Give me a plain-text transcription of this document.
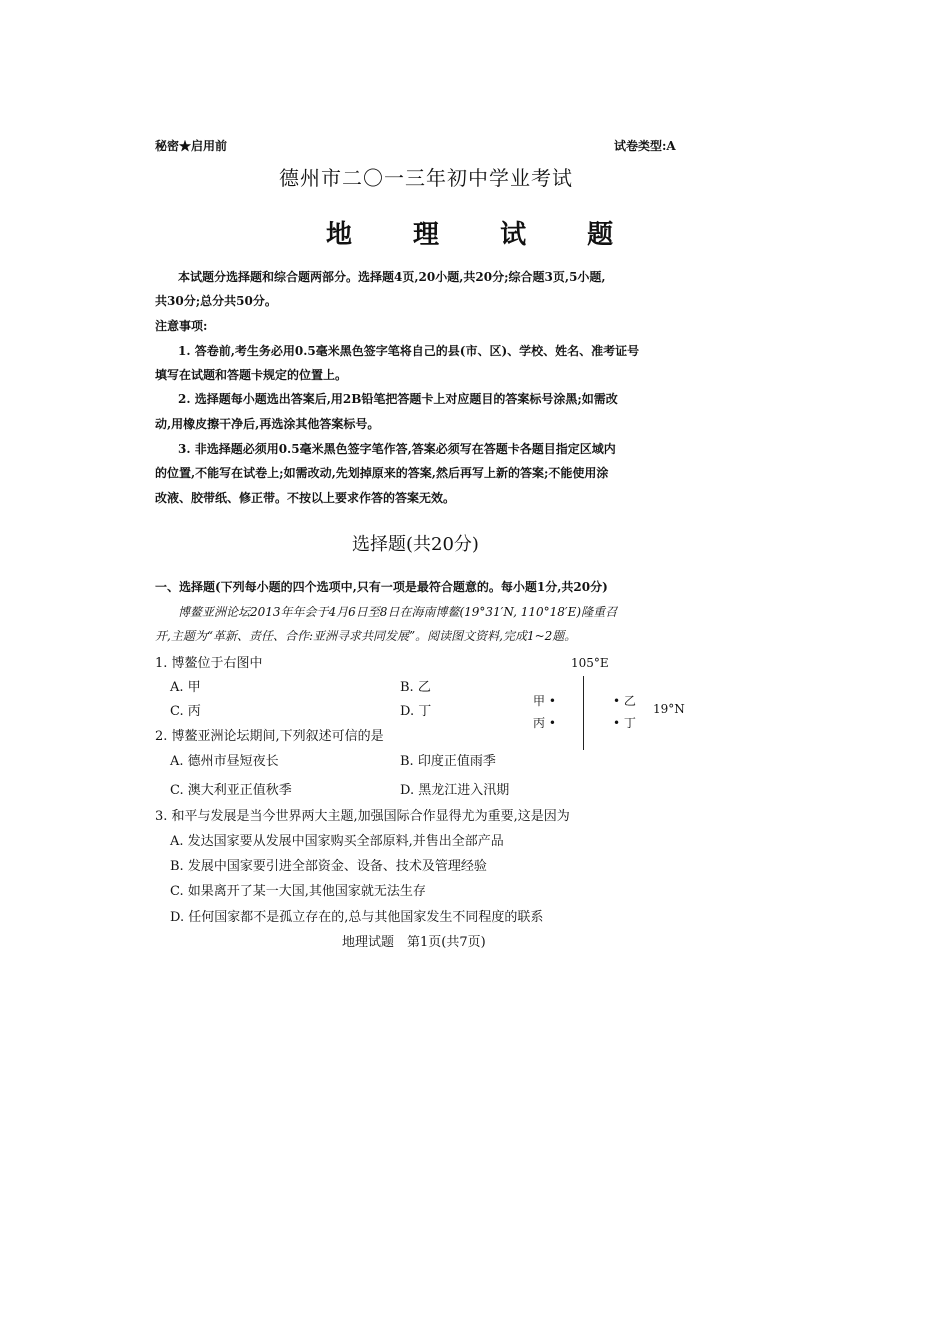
秘密★启用前	试卷类型:A
德州市二〇一三年初中学业考试
地 理 试 题
本试题分选择题和综合题两部分。选择题4页,20小题,共20分;综合题3页,5小题,
共30分;总分共50分。
注意事项:
1. 答卷前,考生务必用0.5毫米黑色签字笔将自己的县(市、区)、学校、姓名、准考证号
填写在试题和答题卡规定的位置上。
2. 选择题每小题选出答案后,用2B铅笔把答题卡上对应题目的答案标号涂黑;如需改
动,用橡皮擦干净后,再选涂其他答案标号。
3. 非选择题必须用0.5毫米黑色签字笔作答,答案必须写在答题卡各题目指定区域内
的位置,不能写在试卷上;如需改动,先划掉原来的答案,然后再写上新的答案;不能使用涂
改液、胶带纸、修正带。不按以上要求作答的答案无效。
选择题(共20分)
一、选择题(下列每小题的四个选项中,只有一项是最符合题意的。每小题1分,共20分)
博鳌亚洲论坛2013年年会于4月6日至8日在海南博鳌(19°31′N, 110°18′E)隆重召
开,主题为“革新、责任、合作:亚洲寻求共同发展”。阅读图文资料,完成1~2题。
1. 博鳌位于右图中
A. 甲	B. 乙
C. 丙	D. 丁
105°E
甲 •
丙 •
• 乙
• 丁
19°N
2. 博鳌亚洲论坛期间,下列叙述可信的是
A. 德州市昼短夜长	B. 印度正值雨季
C. 澳大利亚正值秋季	D. 黑龙江进入汛期
3. 和平与发展是当今世界两大主题,加强国际合作显得尤为重要,这是因为
A. 发达国家要从发展中国家购买全部原料,并售出全部产品
B. 发展中国家要引进全部资金、设备、技术及管理经验
C. 如果离开了某一大国,其他国家就无法生存
D. 任何国家都不是孤立存在的,总与其他国家发生不同程度的联系
地理试题　第1页(共7页)
